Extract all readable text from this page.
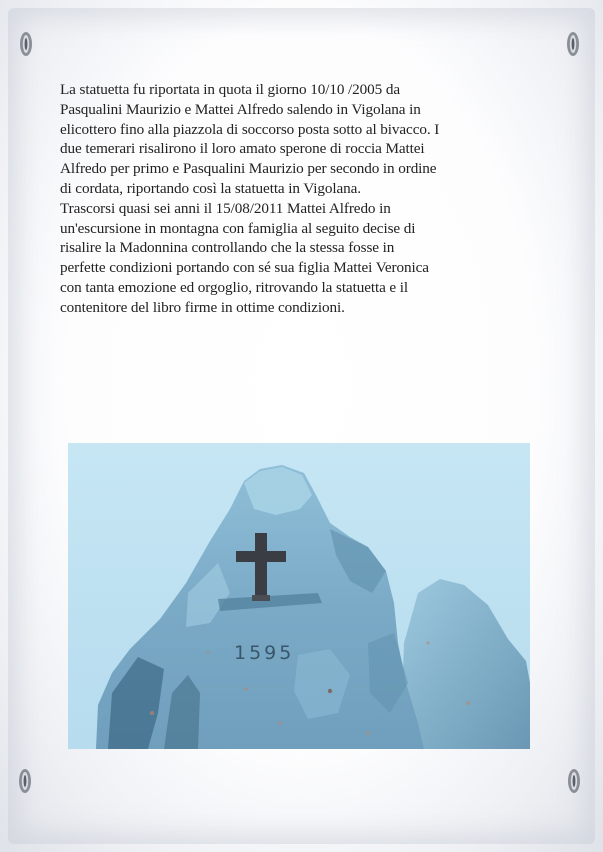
La statuetta fu riportata in quota il giorno 10/10 /2005 da
Pasqualini Maurizio e Mattei Alfredo salendo in Vigolana in
elicottero fino alla piazzola di soccorso posta sotto al bivacco. I
due temerari risalirono il loro amato sperone di roccia Mattei
Alfredo per primo e Pasqualini Maurizio per secondo in ordine
di cordata, riportando così la statuetta in Vigolana.
Trascorsi quasi sei anni il 15/08/2011 Mattei Alfredo in
un'escursione in montagna con famiglia al seguito decise di
risalire la Madonnina controllando che la stessa fosse in
perfette condizioni portando con sé sua figlia Mattei Veronica
con tanta emozione ed orgoglio, ritrovando la statuetta e il
contenitore del libro firme in ottime condizioni.
1595
